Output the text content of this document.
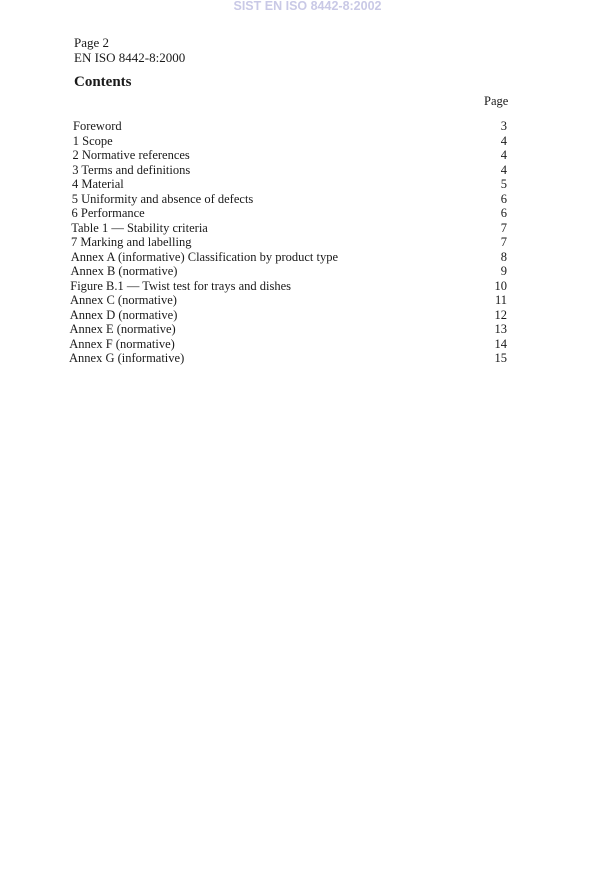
SIST EN ISO 8442-8:2002
Page 2
EN ISO 8442-8:2000
Contents
Page
Foreword	3
1 Scope	4
2 Normative references	4
3 Terms and definitions	4
4 Material	5
5 Uniformity and absence of defects	6
6 Performance	6
Table 1 — Stability criteria	7
7 Marking and labelling	7
Annex A (informative) Classification by product type	8
Annex B (normative)	9
Figure B.1 — Twist test for trays and dishes	10
Annex C (normative)	11
Annex D (normative)	12
Annex E (normative)	13
Annex F (normative)	14
Annex G (informative)	15
